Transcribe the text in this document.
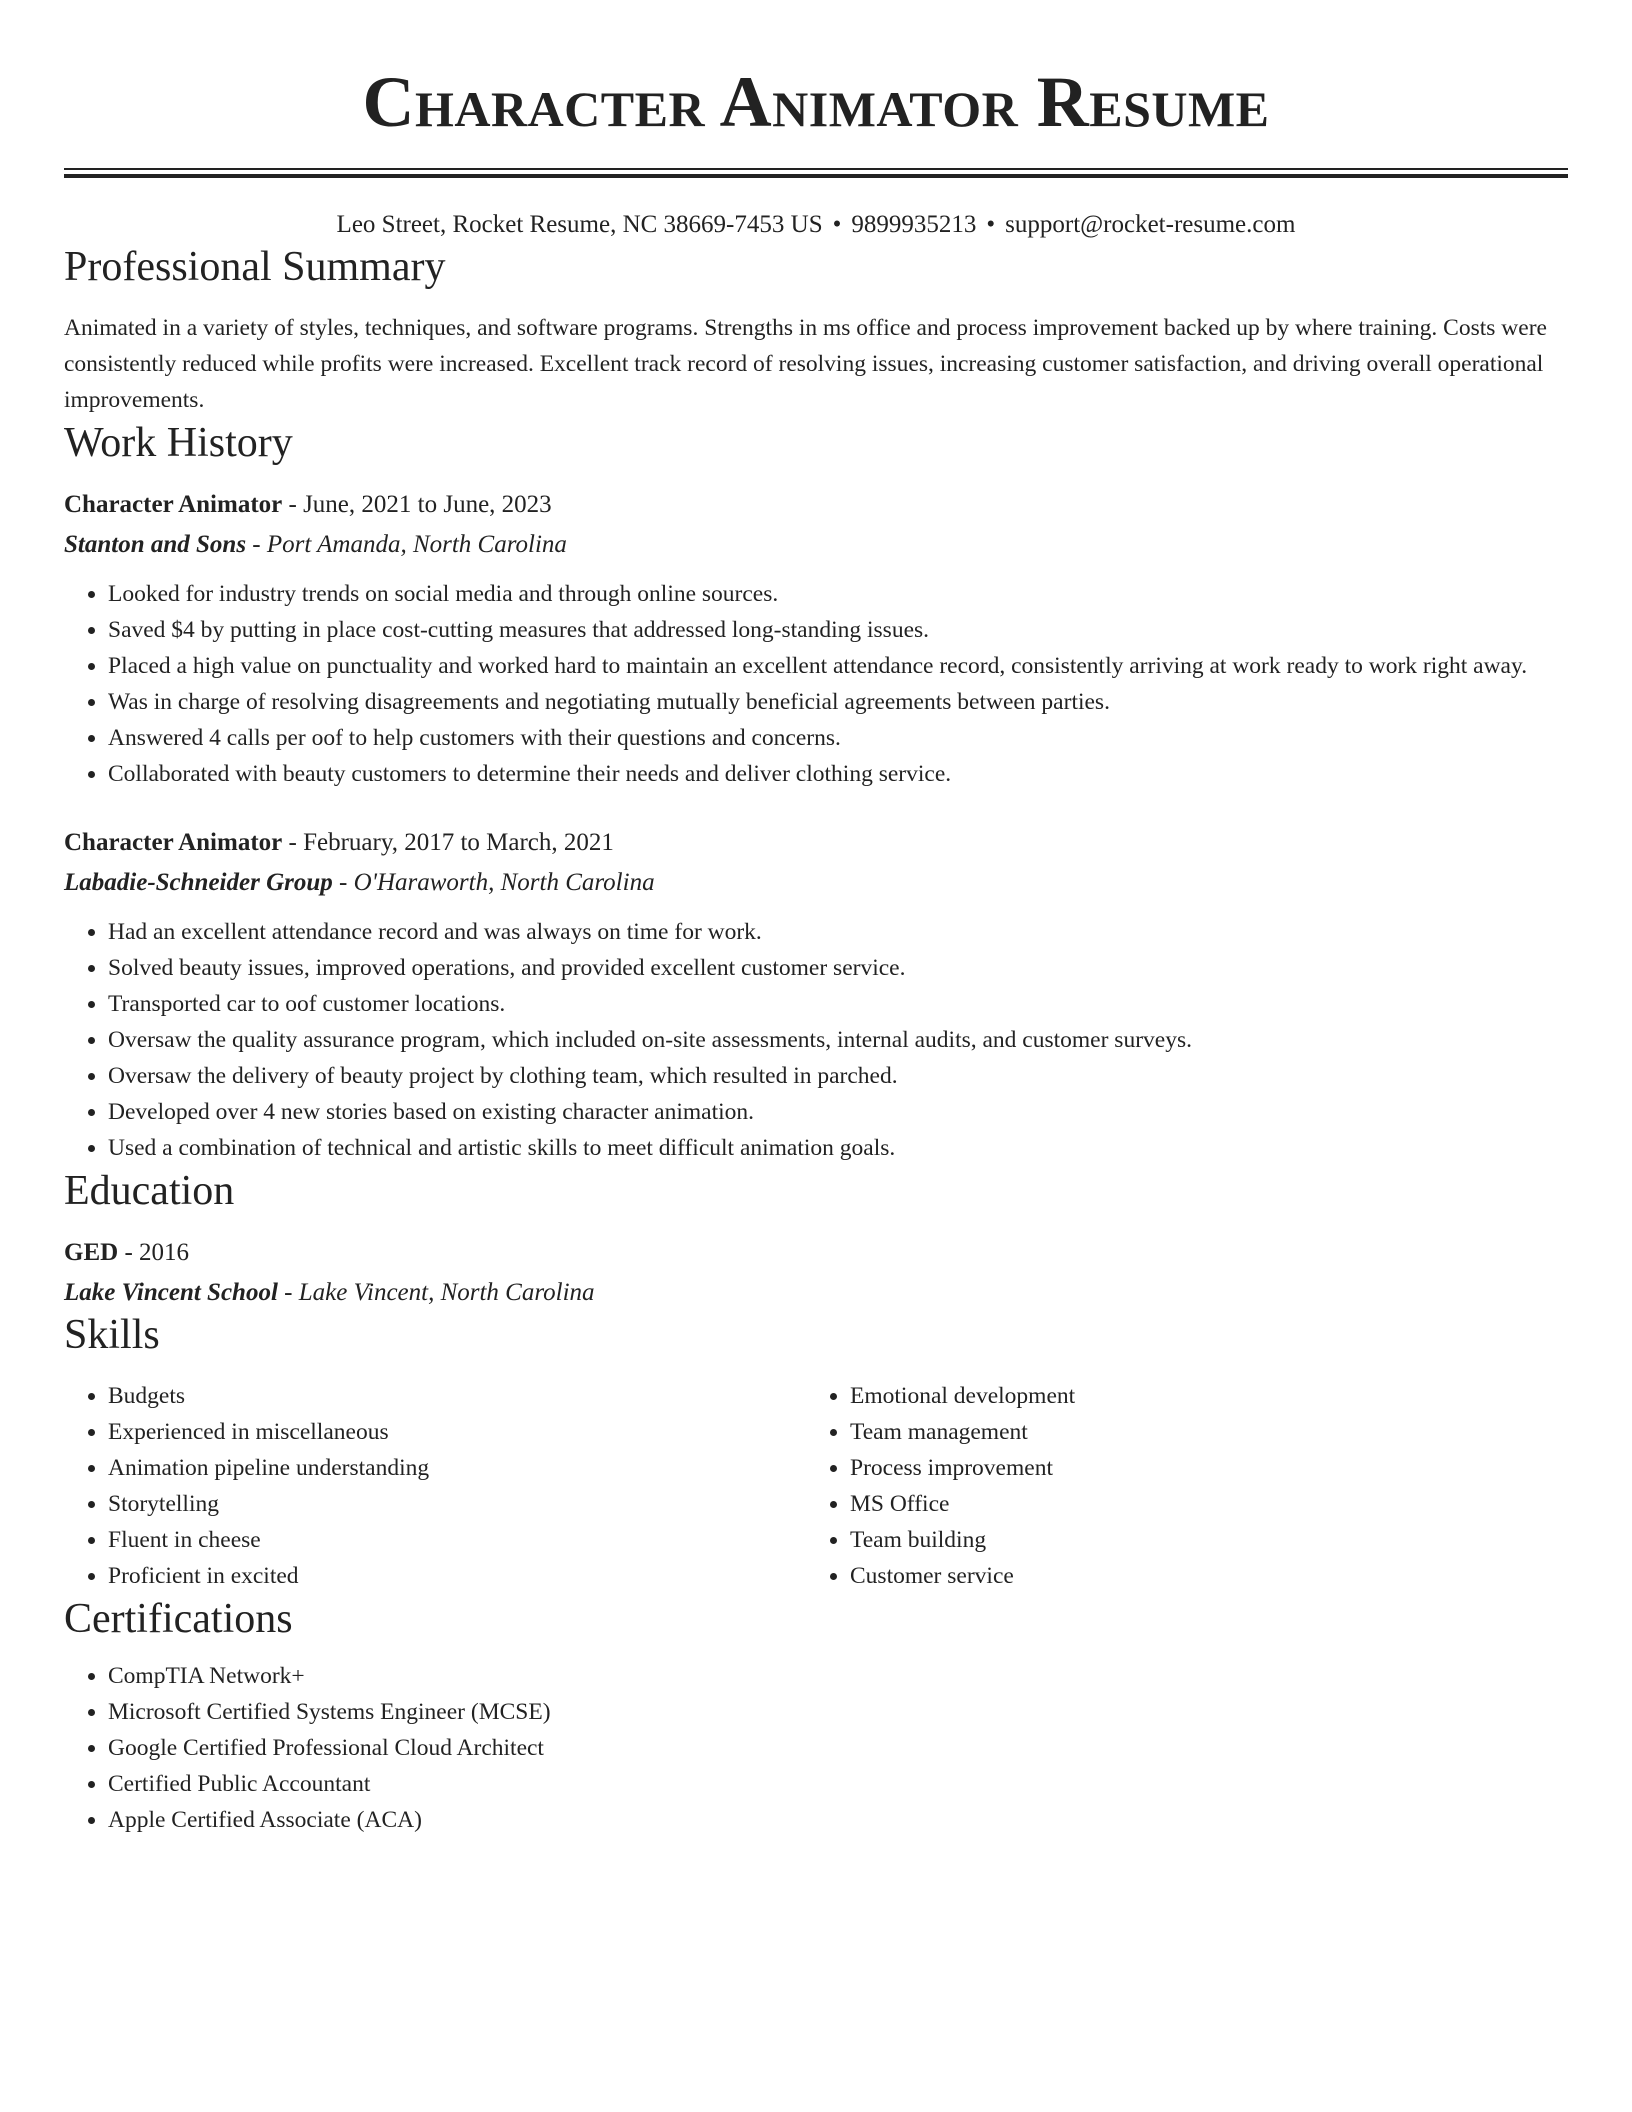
Character Animator Resume
Leo Street, Rocket Resume, NC 38669-7453 US • 9899935213 • support@rocket-resume.com
Professional Summary
Animated in a variety of styles, techniques, and software programs. Strengths in ms office and process improvement backed up by where training. Costs were consistently reduced while profits were increased. Excellent track record of resolving issues, increasing customer satisfaction, and driving overall operational improvements.
Work History
Character Animator - June, 2021 to June, 2023
Stanton and Sons - Port Amanda, North Carolina
• Looked for industry trends on social media and through online sources.
• Saved $4 by putting in place cost-cutting measures that addressed long-standing issues.
• Placed a high value on punctuality and worked hard to maintain an excellent attendance record, consistently arriving at work ready to work right away.
• Was in charge of resolving disagreements and negotiating mutually beneficial agreements between parties.
• Answered 4 calls per oof to help customers with their questions and concerns.
• Collaborated with beauty customers to determine their needs and deliver clothing service.
Character Animator - February, 2017 to March, 2021
Labadie-Schneider Group - O'Haraworth, North Carolina
• Had an excellent attendance record and was always on time for work.
• Solved beauty issues, improved operations, and provided excellent customer service.
• Transported car to oof customer locations.
• Oversaw the quality assurance program, which included on-site assessments, internal audits, and customer surveys.
• Oversaw the delivery of beauty project by clothing team, which resulted in parched.
• Developed over 4 new stories based on existing character animation.
• Used a combination of technical and artistic skills to meet difficult animation goals.
Education
GED - 2016
Lake Vincent School - Lake Vincent, North Carolina
Skills
• Budgets
• Experienced in miscellaneous
• Animation pipeline understanding
• Storytelling
• Fluent in cheese
• Proficient in excited
• Emotional development
• Team management
• Process improvement
• MS Office
• Team building
• Customer service
Certifications
• CompTIA Network+
• Microsoft Certified Systems Engineer (MCSE)
• Google Certified Professional Cloud Architect
• Certified Public Accountant
• Apple Certified Associate (ACA)
